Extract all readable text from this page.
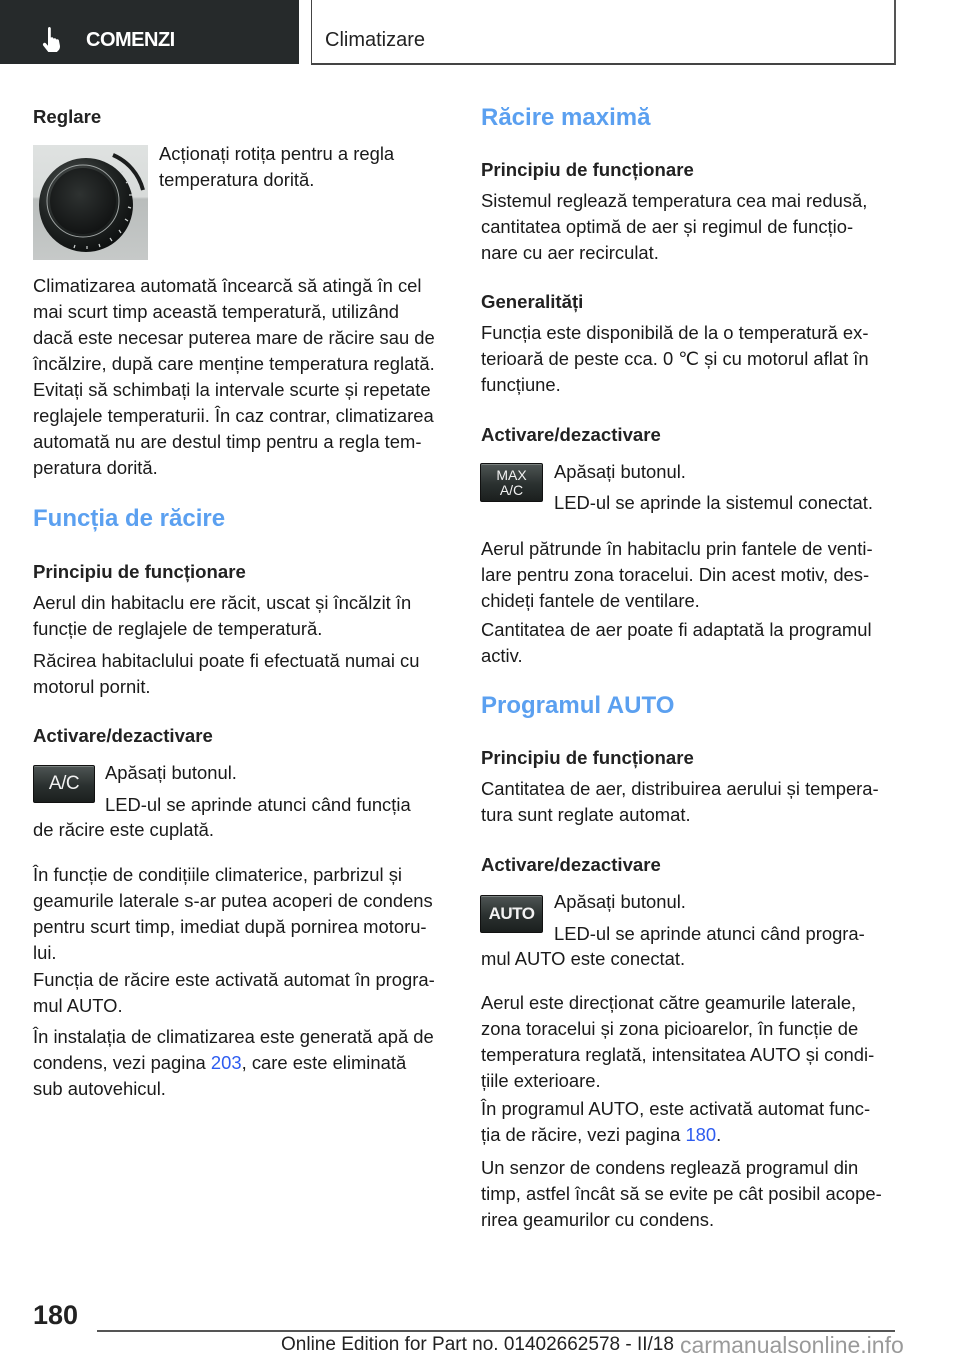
COMENZI	Climatizare
Reglare
Acționați rotița pentru a regla
temperatura dorită.
Climatizarea automată încearcă să atingă în cel
mai scurt timp această temperatură, utilizând
dacă este necesar puterea mare de răcire sau de
încălzire, după care menține temperatura reglată.
Evitați să schimbați la intervale scurte și repetate
reglajele temperaturii. În caz contrar, climatizarea
automată nu are destul timp pentru a regla tem-
peratura dorită.
Funcția de răcire
Principiu de funcționare
Aerul din habitaclu ere răcit, uscat și încălzit în
funcție de reglajele de temperatură.
Răcirea habitaclului poate fi efectuată numai cu
motorul pornit.
Activare/dezactivare
A/C
Apăsați butonul.
LED-ul se aprinde atunci când funcția
de răcire este cuplată.
În funcție de condițiile climaterice, parbrizul și
geamurile laterale s-ar putea acoperi de condens
pentru scurt timp, imediat după pornirea motoru-
lui.
Funcția de răcire este activată automat în progra-
mul AUTO.
În instalația de climatizarea este generată apă de
condens, vezi pagina 203, care este eliminată
sub autovehicul.
Răcire maximă
Principiu de funcționare
Sistemul reglează temperatura cea mai redusă,
cantitatea optimă de aer și regimul de funcțio-
nare cu aer recirculat.
Generalități
Funcția este disponibilă de la o temperatură ex-
terioară de peste cca. 0 ℃ și cu motorul aflat în
funcțiune.
Activare/dezactivare
MAX
A/C
Apăsați butonul.
LED-ul se aprinde la sistemul conectat.
Aerul pătrunde în habitaclu prin fantele de venti-
lare pentru zona toracelui. Din acest motiv, des-
chideți fantele de ventilare.
Cantitatea de aer poate fi adaptată la programul
activ.
Programul AUTO
Principiu de funcționare
Cantitatea de aer, distribuirea aerului și tempera-
tura sunt reglate automat.
Activare/dezactivare
AUTO
Apăsați butonul.
LED-ul se aprinde atunci când progra-
mul AUTO este conectat.
Aerul este direcționat către geamurile laterale,
zona toracelui și zona picioarelor, în funcție de
temperatura reglată, intensitatea AUTO și condi-
țiile exterioare.
În programul AUTO, este activată automat func-
ția de răcire, vezi pagina 180.
Un senzor de condens reglează programul din
timp, astfel încât să se evite pe cât posibil acope-
rirea geamurilor cu condens.
180
Online Edition for Part no. 01402662578 - II/18 carmanualsonline.info
